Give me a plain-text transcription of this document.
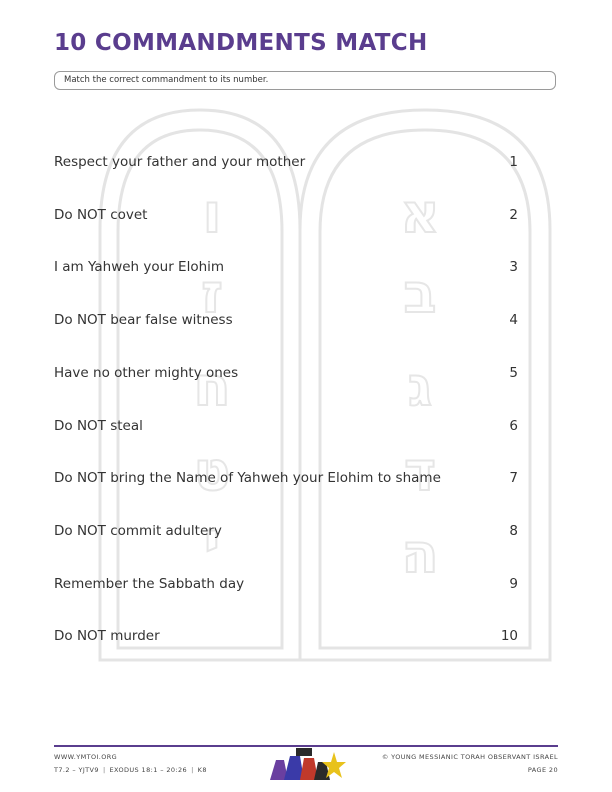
ו
ז
ח
ט
י
א
ב
ג
ד
ה
10 COMMANDMENTS MATCH
Match the correct commandment to its number.
Respect your father and your mother	1
Do NOT covet	2
I am Yahweh your Elohim	3
Do NOT bear false witness	4
Have no other mighty ones	5
Do NOT steal	6
Do NOT bring the Name of Yahweh your Elohim to shame	7
Do NOT commit adultery	8
Remember the Sabbath day	9
Do NOT murder	10
WWW.YMTOI.ORG
T7.2 – YJTV9 | EXODUS 18:1 – 20:26 | K8
© YOUNG MESSIANIC TORAH OBSERVANT ISRAEL
PAGE 20
